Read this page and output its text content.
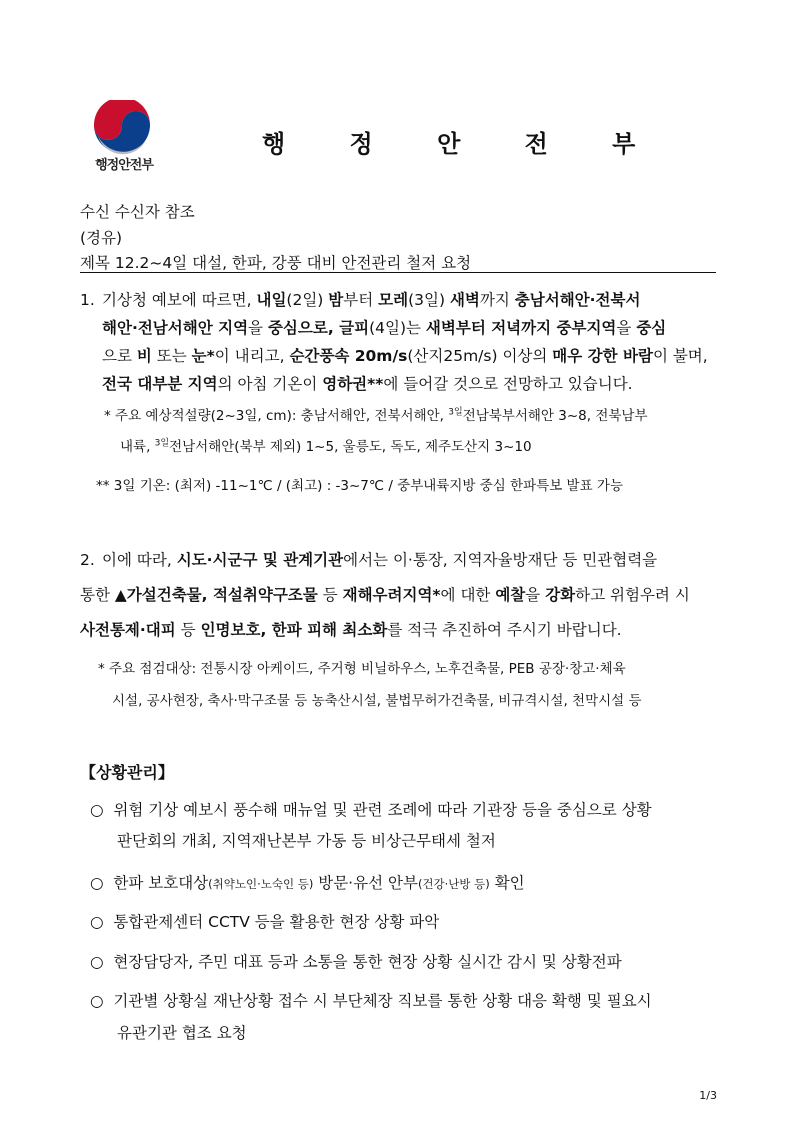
행정안전부
행 정 안 전 부
수신 수신자 참조
(경유)
제목 12.2~4일 대설, 한파, 강풍 대비 안전관리 철저 요청
1. 기상청 예보에 따르면, 내일(2일) 밤부터 모레(3일) 새벽까지 충남서해안·전북서
해안·전남서해안 지역을 중심으로, 글피(4일)는 새벽부터 저녁까지 중부지역을 중심
으로 비 또는 눈*이 내리고, 순간풍속 20m/s(산지25m/s) 이상의 매우 강한 바람이 불며,
전국 대부분 지역의 아침 기온이 영하권**에 들어갈 것으로 전망하고 있습니다.
* 주요 예상적설량(2~3일, cm): 충남서해안, 전북서해안, $^{3일}$전남북부서해안 3~8, 전북남부
내륙, $^{3일}$전남서해안(북부 제외) 1~5, 울릉도, 독도, 제주도산지 3~10
** 3일 기온: (최저) -11~1℃ / (최고) : -3~7℃ / 중부내륙지방 중심 한파특보 발표 가능
2. 이에 따라, 시도·시군구 및 관계기관에서는 이·통장, 지역자율방재단 등 민관협력을
통한 ▲가설건축물, 적설취약구조물 등 재해우려지역*에 대한 예찰을 강화하고 위험우려 시
사전통제·대피 등 인명보호, 한파 피해 최소화를 적극 추진하여 주시기 바랍니다.
* 주요 점검대상: 전통시장 아케이드, 주거형 비닐하우스, 노후건축물, PEB 공장·창고·체육
시설, 공사현장, 축사·막구조물 등 농축산시설, 불법무허가건축물, 비규격시설, 천막시설 등
【상황관리】
○ 위험 기상 예보시 풍수해 매뉴얼 및 관련 조례에 따라 기관장 등을 중심으로 상황
판단회의 개최, 지역재난본부 가동 등 비상근무태세 철저
○ 한파 보호대상(취약노인·노숙인 등) 방문·유선 안부(건강·난방 등) 확인
○ 통합관제센터 CCTV 등을 활용한 현장 상황 파악
○ 현장담당자, 주민 대표 등과 소통을 통한 현장 상황 실시간 감시 및 상황전파
○ 기관별 상황실 재난상황 접수 시 부단체장 직보를 통한 상황 대응 확행 및 필요시
유관기관 협조 요청
1/3
